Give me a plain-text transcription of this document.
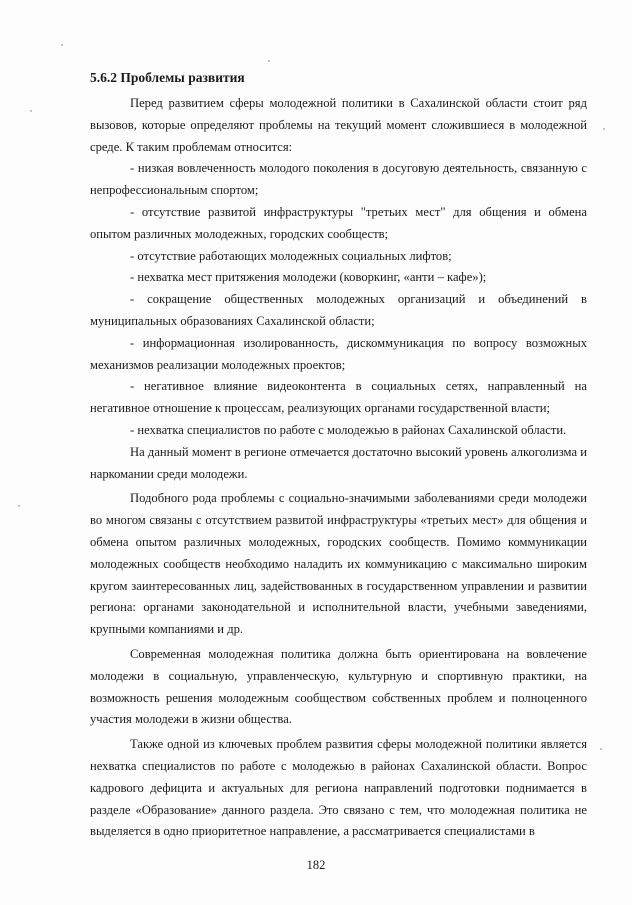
5.6.2 Проблемы развития

Перед развитием сферы молодежной политики в Сахалинской области стоит ряд вызовов, которые определяют проблемы на текущий момент сложившиеся в молодежной среде. К таким проблемам относится:

- низкая вовлеченность молодого поколения в досуговую деятельность, связанную с непрофессиональным спортом;

- отсутствие развитой инфраструктуры "третьих мест" для общения и обмена опытом различных молодежных, городских сообществ;

- отсутствие работающих молодежных социальных лифтов;

- нехватка мест притяжения молодежи (коворкинг, «анти – кафе»);

- сокращение общественных молодежных организаций и объединений в муниципальных образованиях Сахалинской области;

- информационная изолированность, дискоммуникация по вопросу возможных механизмов реализации молодежных проектов;

- негативное влияние видеоконтента в социальных сетях, направленный на негативное отношение к процессам, реализующих органами государственной власти;

- нехватка специалистов по работе с молодежью в районах Сахалинской области.

На данный момент в регионе отмечается достаточно высокий уровень алкоголизма и наркомании среди молодежи.

Подобного рода проблемы с социально-значимыми заболеваниями среди молодежи во многом связаны с отсутствием развитой инфраструктуры «третьих мест» для общения и обмена опытом различных молодежных, городских сообществ. Помимо коммуникации молодежных сообществ необходимо наладить их коммуникацию с максимально широким кругом заинтересованных лиц, задействованных в государственном управлении и развитии региона: органами законодательной и исполнительной власти, учебными заведениями, крупными компаниями и др.

Современная молодежная политика должна быть ориентирована на вовлечение молодежи в социальную, управленческую, культурную и спортивную практики, на возможность решения молодежным сообществом собственных проблем и полноценного участия молодежи в жизни общества.

Также одной из ключевых проблем развития сферы молодежной политики является нехватка специалистов по работе с молодежью в районах Сахалинской области. Вопрос кадрового дефицита и актуальных для региона направлений подготовки поднимается в разделе «Образование» данного раздела. Это связано с тем, что молодежная политика не выделяется в одно приоритетное направление, а рассматривается специалистами в

182
